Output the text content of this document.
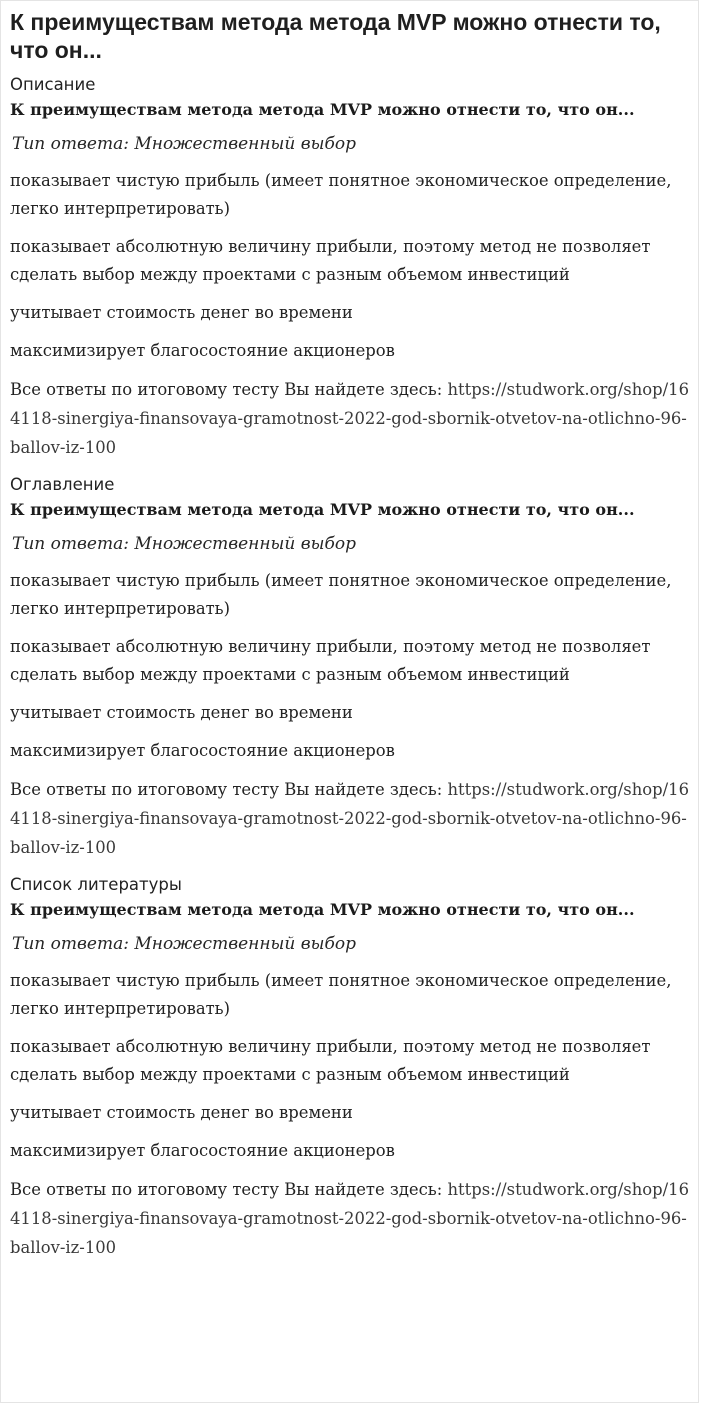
К преимуществам метода метода MVP можно отнести то, что он...
Описание
К преимуществам метода метода MVP можно отнести то, что он...
Тип ответа: Множественный выбор
показывает чистую прибыль (имеет понятное экономическое определение, легко интерпретировать)
показывает абсолютную величину прибыли, поэтому метод не позволяет сделать выбор между проектами с разным объемом инвестиций
учитывает стоимость денег во времени
максимизирует благосостояние акционеров
Все ответы по итоговому тесту Вы найдете здесь: https://studwork.org/shop/164118-sinergiya-finansovaya-gramotnost-2022-god-sbornik-otvetov-na-otlichno-96-ballov-iz-100
Оглавление
К преимуществам метода метода MVP можно отнести то, что он...
Тип ответа: Множественный выбор
показывает чистую прибыль (имеет понятное экономическое определение, легко интерпретировать)
показывает абсолютную величину прибыли, поэтому метод не позволяет сделать выбор между проектами с разным объемом инвестиций
учитывает стоимость денег во времени
максимизирует благосостояние акционеров
Все ответы по итоговому тесту Вы найдете здесь: https://studwork.org/shop/164118-sinergiya-finansovaya-gramotnost-2022-god-sbornik-otvetov-na-otlichno-96-ballov-iz-100
Список литературы
К преимуществам метода метода MVP можно отнести то, что он...
Тип ответа: Множественный выбор
показывает чистую прибыль (имеет понятное экономическое определение, легко интерпретировать)
показывает абсолютную величину прибыли, поэтому метод не позволяет сделать выбор между проектами с разным объемом инвестиций
учитывает стоимость денег во времени
максимизирует благосостояние акционеров
Все ответы по итоговому тесту Вы найдете здесь: https://studwork.org/shop/164118-sinergiya-finansovaya-gramotnost-2022-god-sbornik-otvetov-na-otlichno-96-ballov-iz-100
